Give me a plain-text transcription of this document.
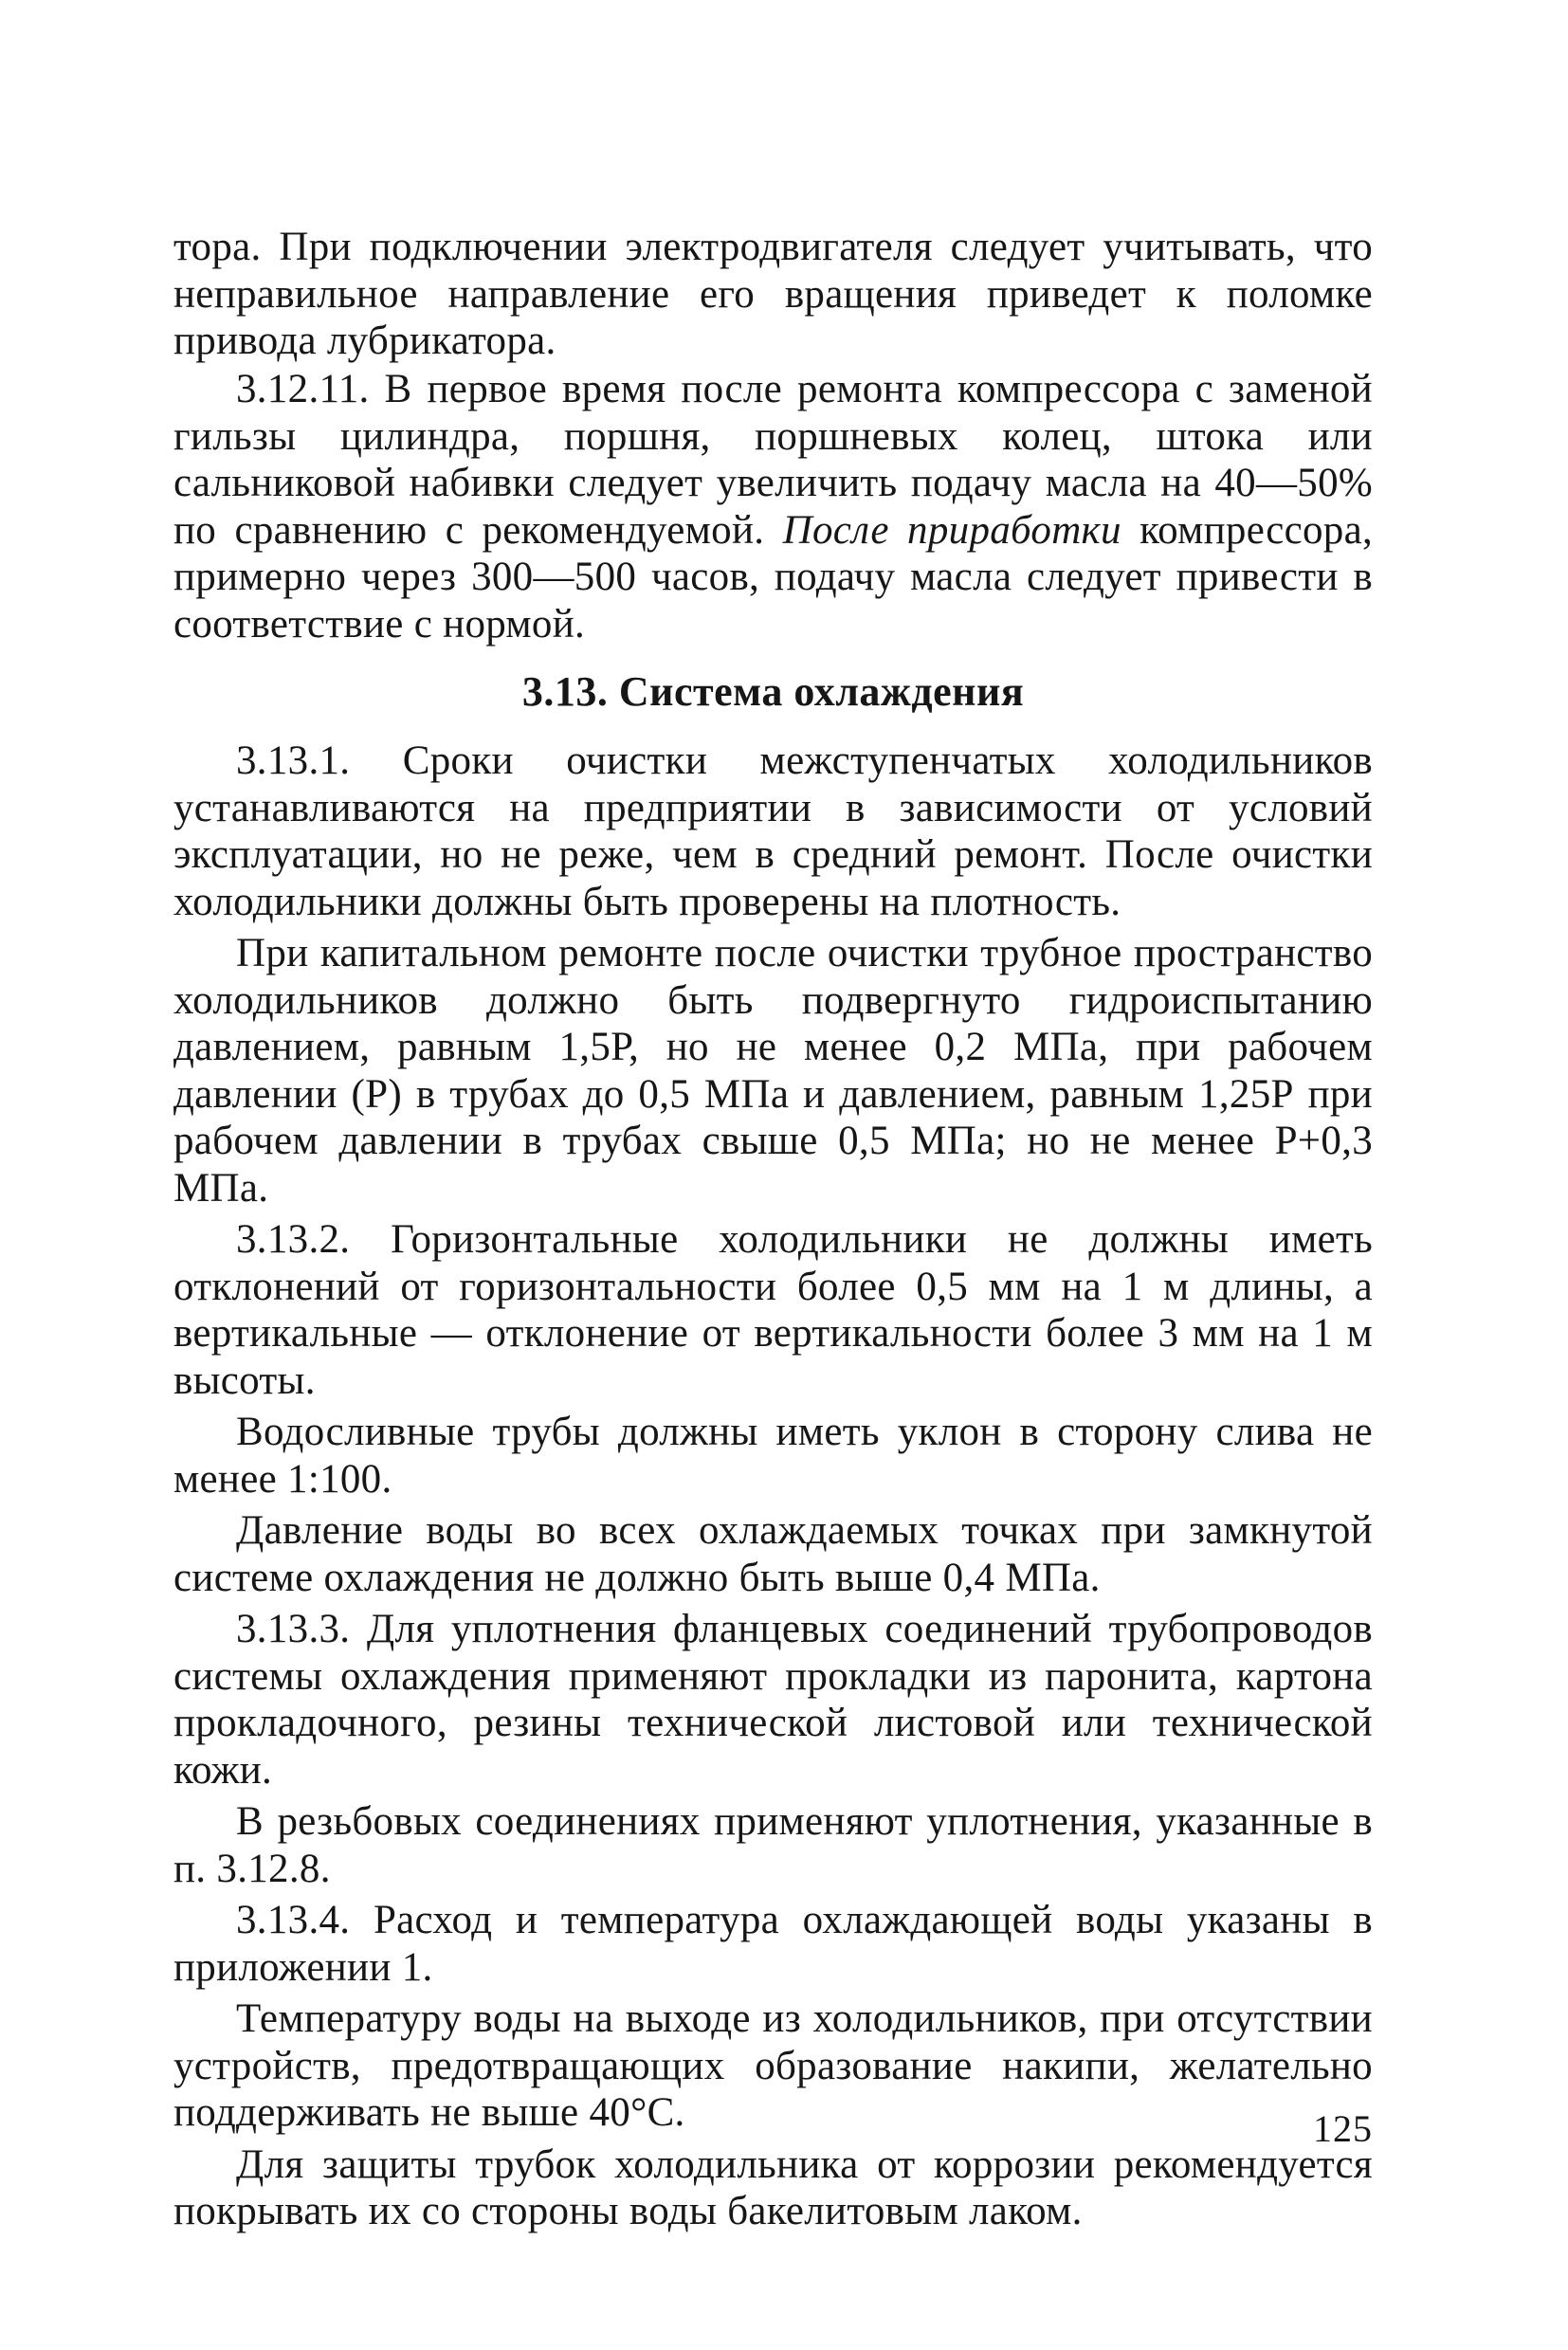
тора. При подключении электродвигателя следует учитывать, что неправильное направление его вращения приведет к поломке привода лубрикатора.

3.12.11. В первое время после ремонта компрессора с заменой гильзы цилиндра, поршня, поршневых колец, штока или сальниковой набивки следует увеличить подачу масла на 40—50% по сравнению с рекомендуемой. После приработки компрессора, примерно через 300—500 часов, подачу масла следует привести в соответствие с нормой.

3.13. Система охлаждения

3.13.1. Сроки очистки межступенчатых холодильников устанавливаются на предприятии в зависимости от условий эксплуатации, но не реже, чем в средний ремонт. После очистки холодильники должны быть проверены на плотность.

При капитальном ремонте после очистки трубное пространство холодильников должно быть подвергнуто гидроиспытанию давлением, равным 1,5Р, но не менее 0,2 МПа, при рабочем давлении (Р) в трубах до 0,5 МПа и давлением, равным 1,25Р при рабочем давлении в трубах свыше 0,5 МПа; но не менее Р+0,3 МПа.

3.13.2. Горизонтальные холодильники не должны иметь отклонений от горизонтальности более 0,5 мм на 1 м длины, а вертикальные — отклонение от вертикальности более 3 мм на 1 м высоты.

Водосливные трубы должны иметь уклон в сторону слива не менее 1:100.

Давление воды во всех охлаждаемых точках при замкнутой системе охлаждения не должно быть выше 0,4 МПа.

3.13.3. Для уплотнения фланцевых соединений трубопроводов системы охлаждения применяют прокладки из паронита, картона прокладочного, резины технической листовой или технической кожи.

В резьбовых соединениях применяют уплотнения, указанные в п. 3.12.8.

3.13.4. Расход и температура охлаждающей воды указаны в приложении 1.

Температуру воды на выходе из холодильников, при отсутствии устройств, предотвращающих образование накипи, желательно поддерживать не выше 40°С.

Для защиты трубок холодильника от коррозии рекомендуется покрывать их со стороны воды бакелитовым лаком.

125
